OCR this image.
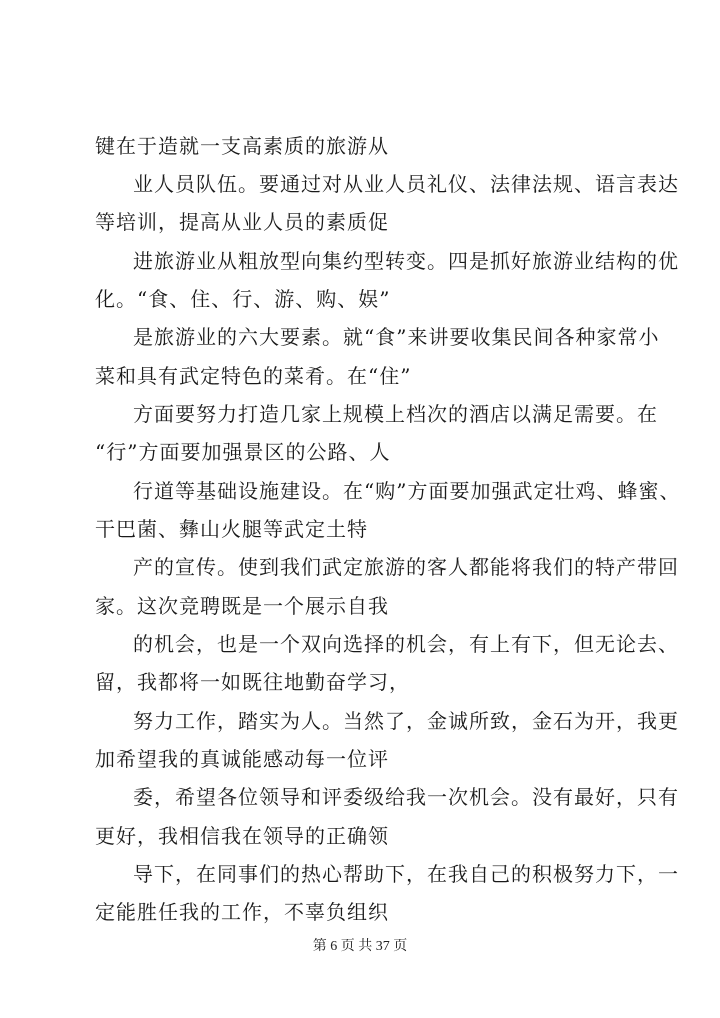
键在于造就一支高素质的旅游从
业人员队伍。要通过对从业人员礼仪、法律法规、语言表达
等培训，提高从业人员的素质促
进旅游业从粗放型向集约型转变。四是抓好旅游业结构的优
化。“食、住、行、游、购、娱”
是旅游业的六大要素。就“食”来讲要收集民间各种家常小
菜和具有武定特色的菜肴。在“住”
方面要努力打造几家上规模上档次的酒店以满足需要。在
“行”方面要加强景区的公路、人
行道等基础设施建设。在“购”方面要加强武定壮鸡、蜂蜜、
干巴菌、彝山火腿等武定土特
产的宣传。使到我们武定旅游的客人都能将我们的特产带回
家。这次竞聘既是一个展示自我
的机会，也是一个双向选择的机会，有上有下，但无论去、
留，我都将一如既往地勤奋学习，
努力工作，踏实为人。当然了，金诚所致，金石为开，我更
加希望我的真诚能感动每一位评
委，希望各位领导和评委级给我一次机会。没有最好，只有
更好，我相信我在领导的正确领
导下，在同事们的热心帮助下，在我自己的积极努力下，一
定能胜任我的工作，不辜负组织
第 6 页 共 37 页
